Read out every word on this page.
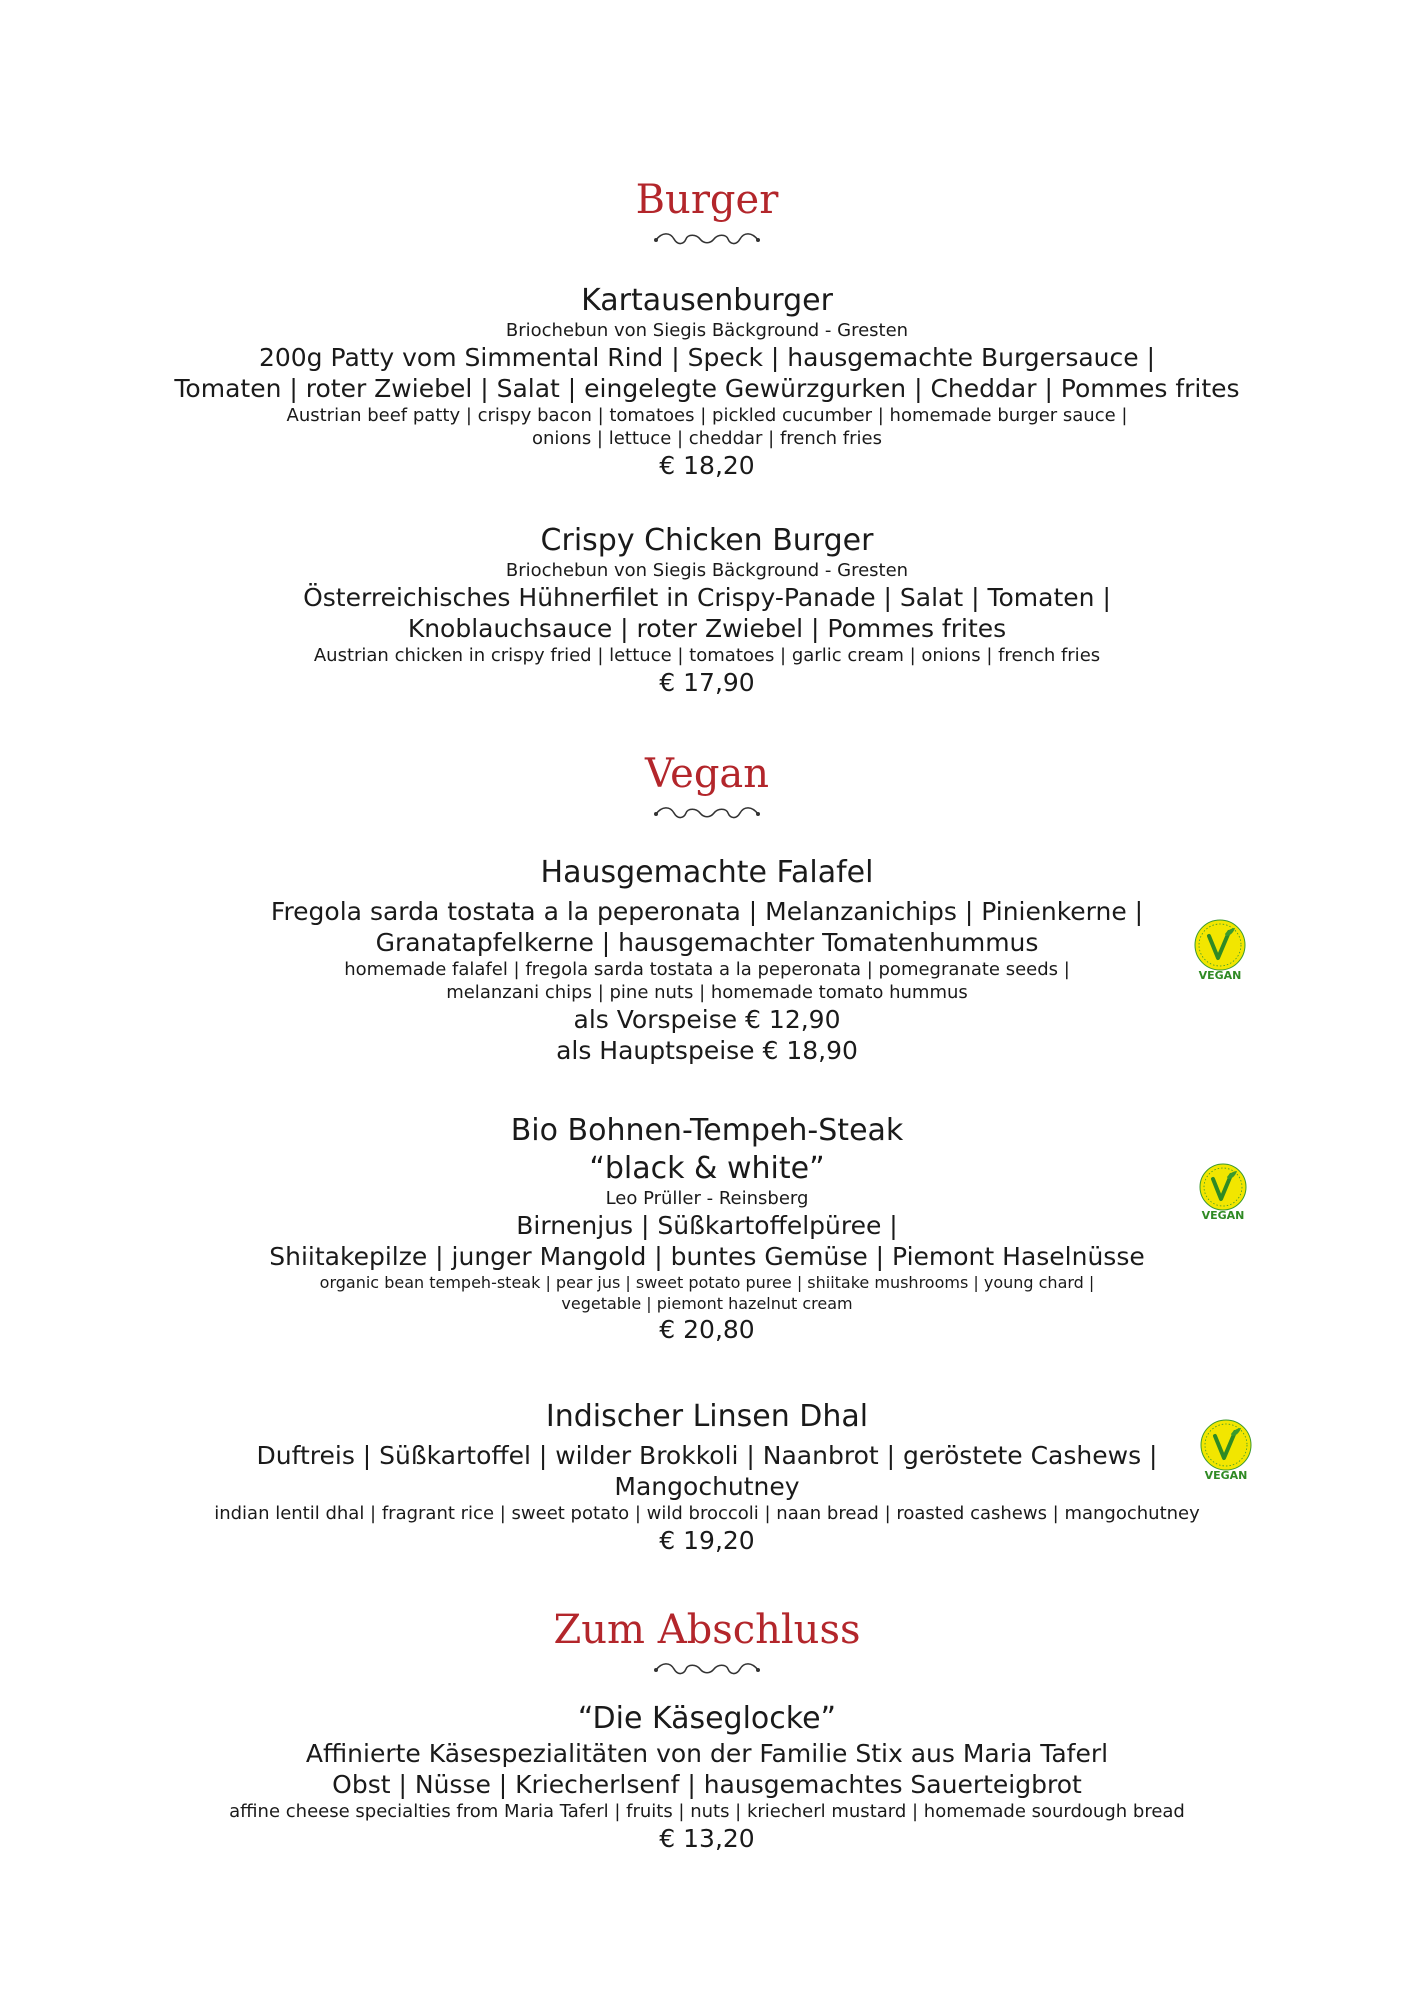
Burger
Kartausenburger
Briochebun von Siegis Bäckground - Gresten
200g Patty vom Simmental Rind | Speck | hausgemachte Burgersauce |
Tomaten | roter Zwiebel | Salat | eingelegte Gewürzgurken | Cheddar | Pommes frites
Austrian beef patty | crispy bacon | tomatoes | pickled cucumber | homemade burger sauce |
onions | lettuce | cheddar | french fries
€ 18,20
Crispy Chicken Burger
Briochebun von Siegis Bäckground - Gresten
Österreichisches Hühnerfilet in Crispy-Panade | Salat | Tomaten |
Knoblauchsauce | roter Zwiebel | Pommes frites
Austrian chicken in crispy fried | lettuce | tomatoes | garlic cream | onions | french fries
€ 17,90
Vegan
Hausgemachte Falafel
Fregola sarda tostata a la peperonata | Melanzanichips | Pinienkerne |
Granatapfelkerne | hausgemachter Tomatenhummus
homemade falafel | fregola sarda tostata a la peperonata | pomegranate seeds |
melanzani chips | pine nuts | homemade tomato hummus
als Vorspeise € 12,90
als Hauptspeise € 18,90
Bio Bohnen-Tempeh-Steak
“black & white”
Leo Prüller - Reinsberg
Birnenjus | Süßkartoffelpüree |
Shiitakepilze | junger Mangold | buntes Gemüse | Piemont Haselnüsse
organic bean tempeh-steak | pear jus | sweet potato puree | shiitake mushrooms | young chard |
vegetable | piemont hazelnut cream
€ 20,80
Indischer Linsen Dhal
Duftreis | Süßkartoffel | wilder Brokkoli | Naanbrot | geröstete Cashews |
Mangochutney
indian lentil dhal | fragrant rice | sweet potato | wild broccoli | naan bread | roasted cashews | mangochutney
€ 19,20
Zum Abschluss
“Die Käseglocke”
Affinierte Käsespezialitäten von der Familie Stix aus Maria Taferl
Obst | Nüsse | Kriecherlsenf | hausgemachtes Sauerteigbrot
affine cheese specialties from Maria Taferl | fruits | nuts | kriecherl mustard | homemade sourdough bread
€ 13,20
VEGAN
VEGAN
VEGAN
